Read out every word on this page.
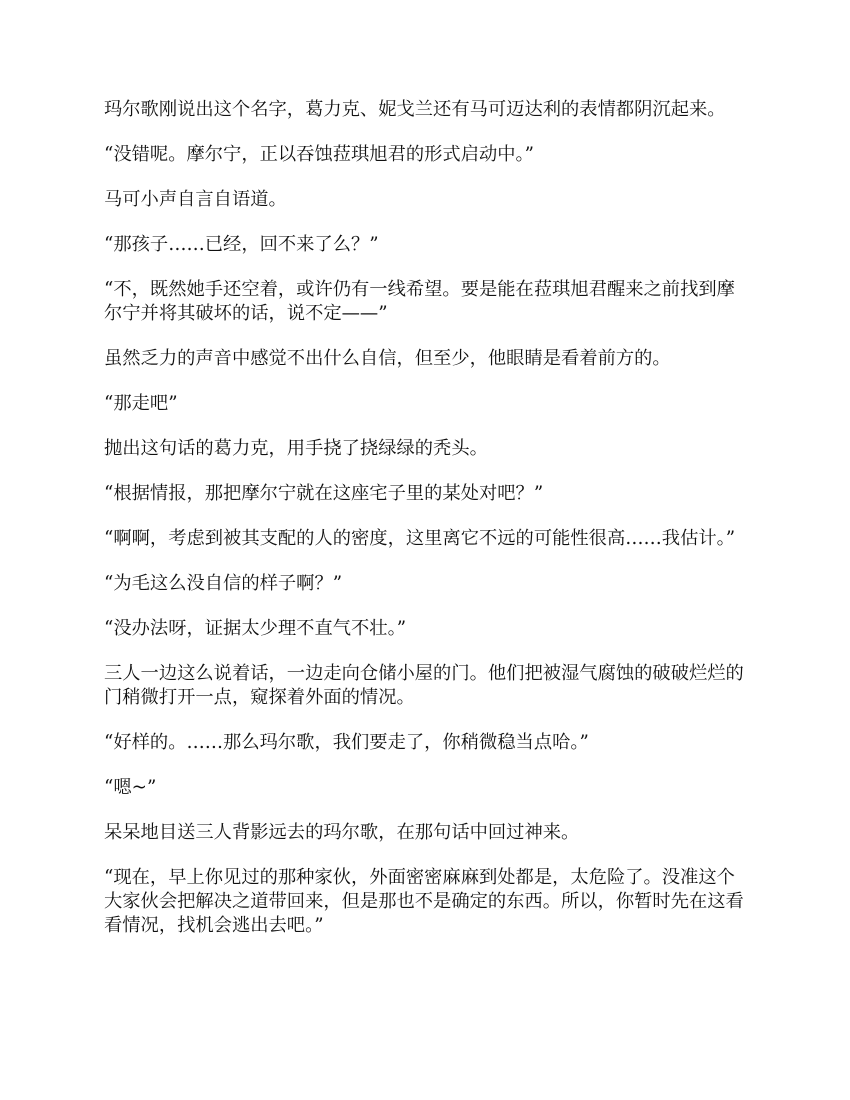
玛尔歌刚说出这个名字，葛力克、妮戈兰还有马可迈达利的表情都阴沉起来。

“没错呢。摩尔宁，正以吞蚀菈琪旭君的形式启动中。”

马可小声自言自语道。

“那孩子……已经，回不来了么？”

“不，既然她手还空着，或许仍有一线希望。要是能在菈琪旭君醒来之前找到摩尔宁并将其破坏的话，说不定——”

虽然乏力的声音中感觉不出什么自信，但至少，他眼睛是看着前方的。

“那走吧”

抛出这句话的葛力克，用手挠了挠绿绿的秃头。

“根据情报，那把摩尔宁就在这座宅子里的某处对吧？”

“啊啊，考虑到被其支配的人的密度，这里离它不远的可能性很高……我估计。”

“为毛这么没自信的样子啊？”

“没办法呀，证据太少理不直气不壮。”

三人一边这么说着话，一边走向仓储小屋的门。他们把被湿气腐蚀的破破烂烂的门稍微打开一点，窥探着外面的情况。

“好样的。……那么玛尔歌，我们要走了，你稍微稳当点哈。”

“嗯~”

呆呆地目送三人背影远去的玛尔歌，在那句话中回过神来。

“现在，早上你见过的那种家伙，外面密密麻麻到处都是，太危险了。没准这个大家伙会把解决之道带回来，但是那也不是确定的东西。所以，你暂时先在这看看情况，找机会逃出去吧。”
